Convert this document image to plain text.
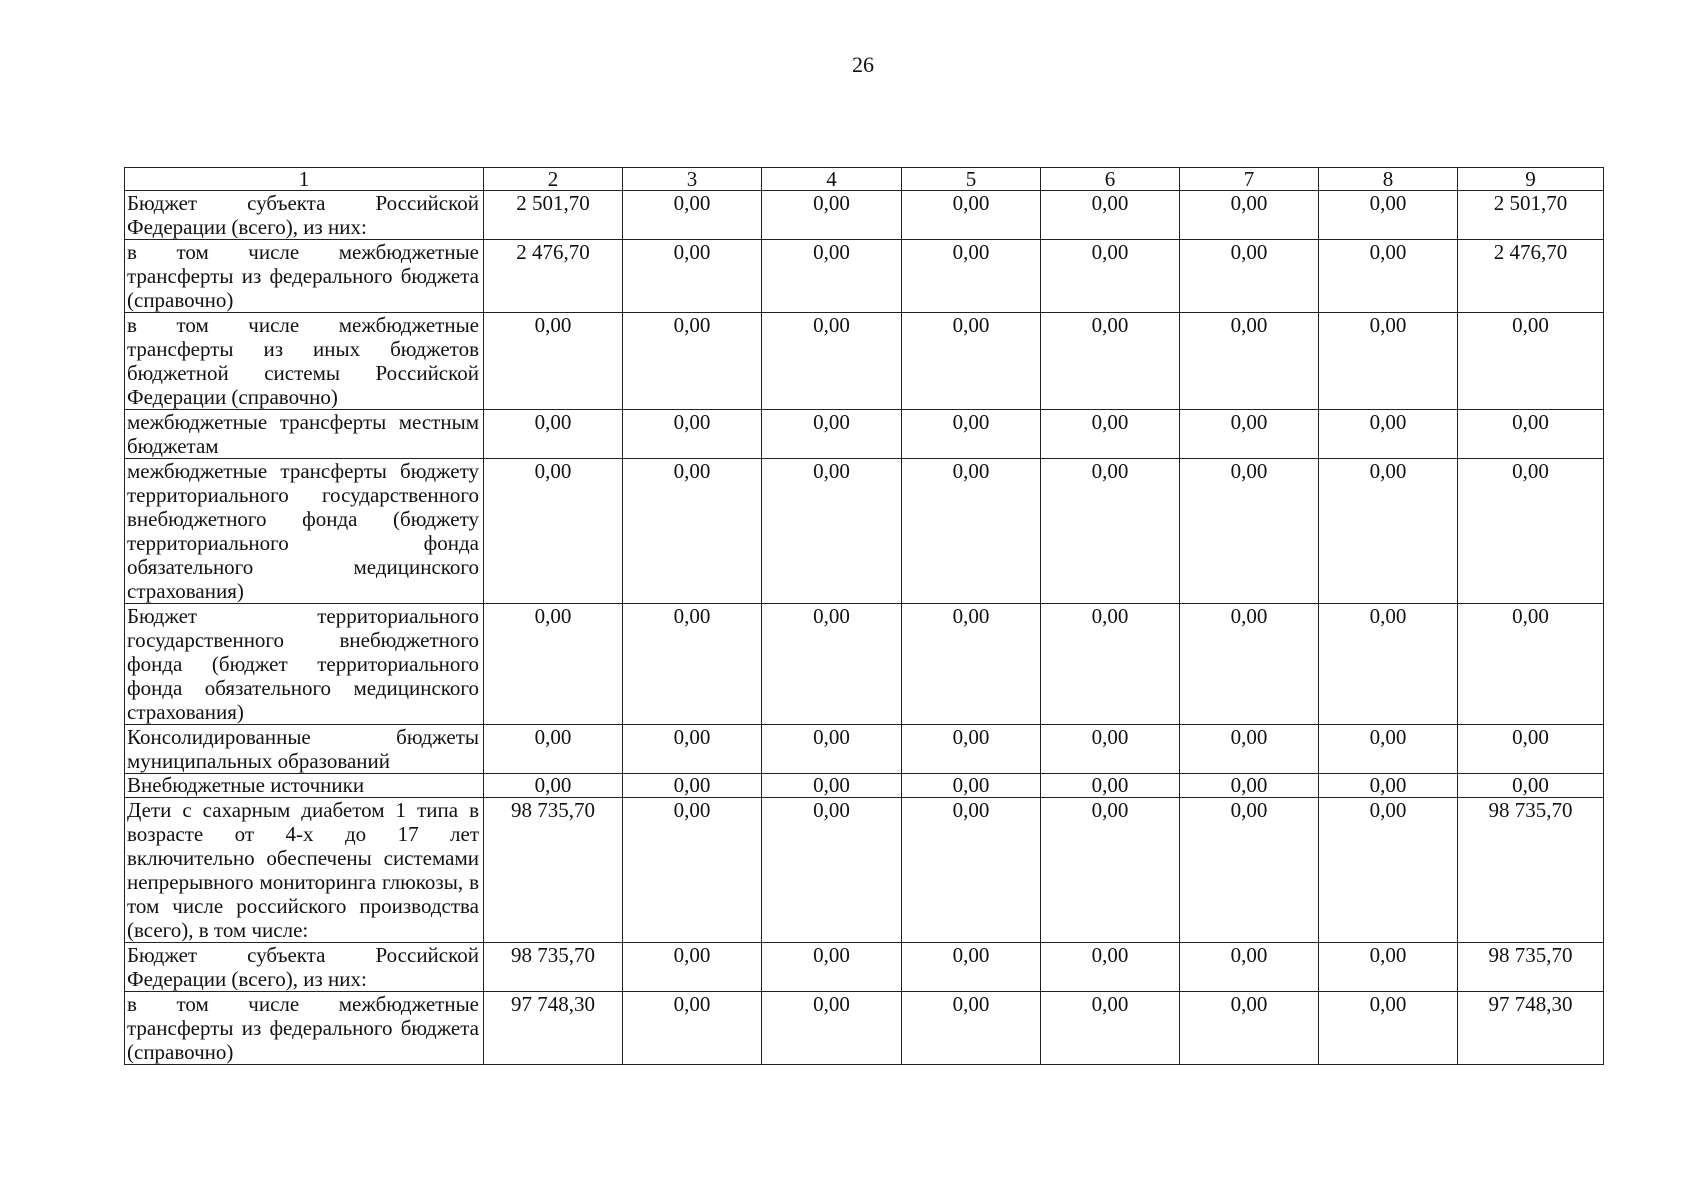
26
1	2	3	4	5	6	7	8	9
Бюджет субъекта Российской Федерации (всего), из них:	2 501,70	0,00	0,00	0,00	0,00	0,00	0,00	2 501,70
в том числе межбюджетные трансферты из федерального бюджета (справочно)	2 476,70	0,00	0,00	0,00	0,00	0,00	0,00	2 476,70
в том числе межбюджетные трансферты из иных бюджетов бюджетной системы Российской Федерации (справочно)	0,00	0,00	0,00	0,00	0,00	0,00	0,00	0,00
межбюджетные трансферты местным бюджетам	0,00	0,00	0,00	0,00	0,00	0,00	0,00	0,00
межбюджетные трансферты бюджету территориального государственного внебюджетного фонда (бюджету территориального фонда обязательного медицинского страхования)	0,00	0,00	0,00	0,00	0,00	0,00	0,00	0,00
Бюджет территориального государственного внебюджетного фонда (бюджет территориального фонда обязательного медицинского страхования)	0,00	0,00	0,00	0,00	0,00	0,00	0,00	0,00
Консолидированные бюджеты муниципальных образований	0,00	0,00	0,00	0,00	0,00	0,00	0,00	0,00
Внебюджетные источники	0,00	0,00	0,00	0,00	0,00	0,00	0,00	0,00
Дети с сахарным диабетом 1 типа в возрасте от 4-х до 17 лет включительно обеспечены системами непрерывного мониторинга глюкозы, в том числе российского производства (всего), в том числе:	98 735,70	0,00	0,00	0,00	0,00	0,00	0,00	98 735,70
Бюджет субъекта Российской Федерации (всего), из них:	98 735,70	0,00	0,00	0,00	0,00	0,00	0,00	98 735,70
в том числе межбюджетные трансферты из федерального бюджета (справочно)	97 748,30	0,00	0,00	0,00	0,00	0,00	0,00	97 748,30
